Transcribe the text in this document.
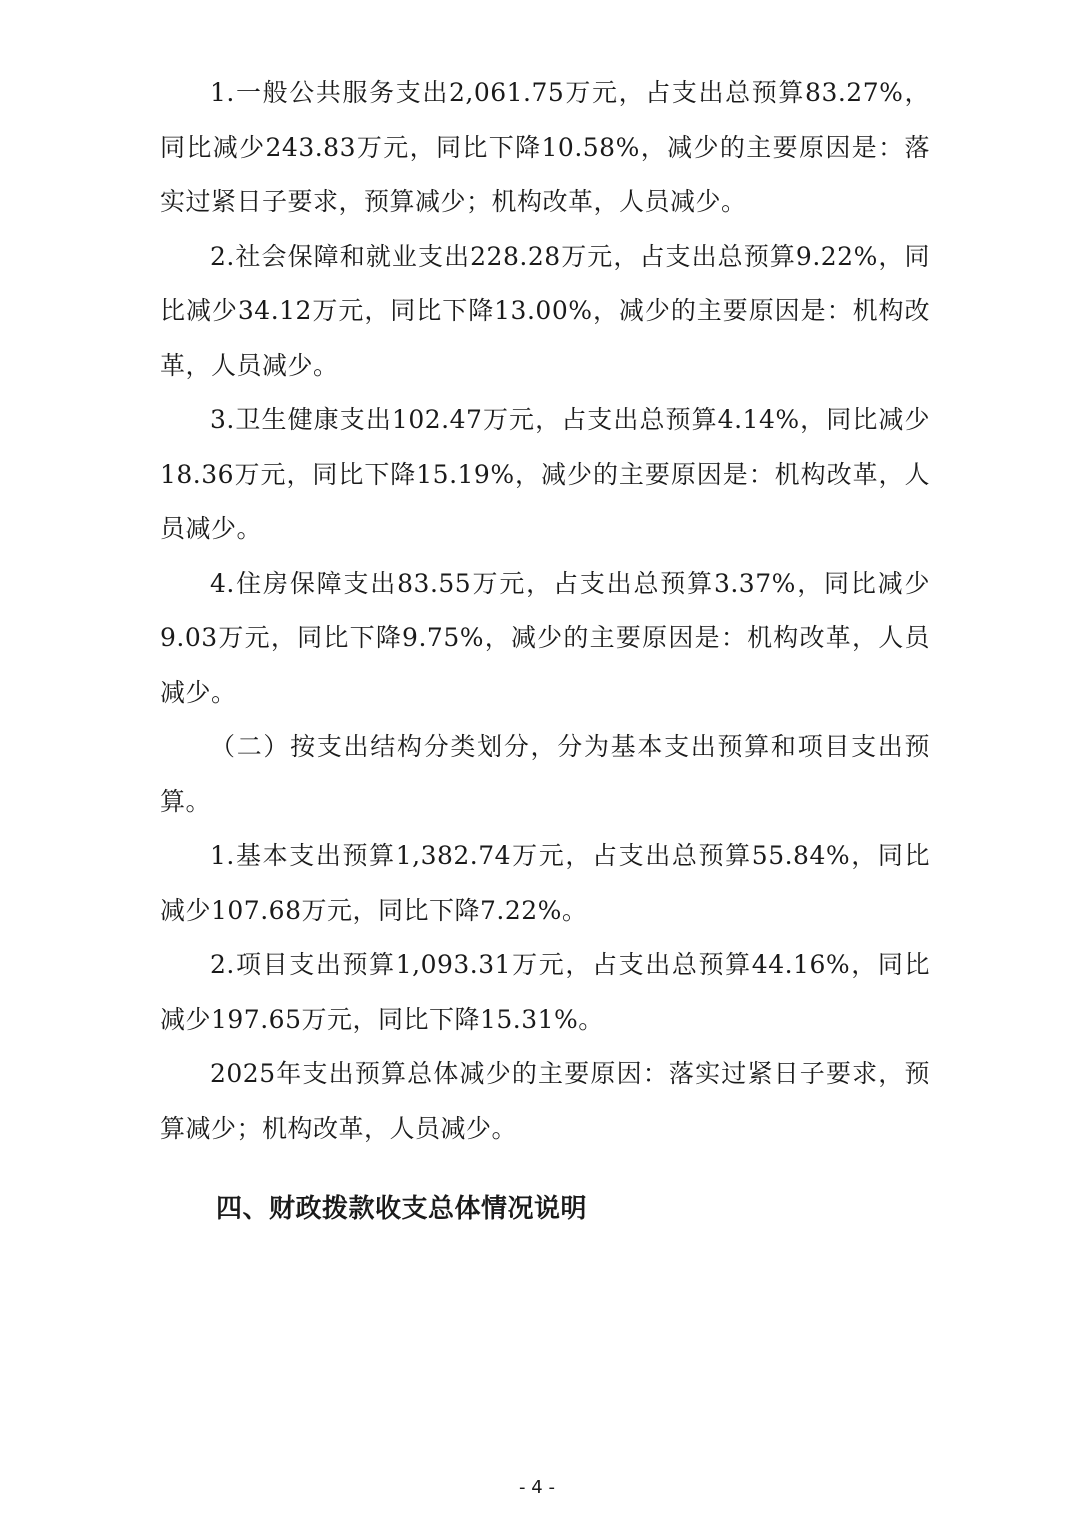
1.一般公共服务支出2,061.75万元，占支出总预算83.27%，同比减少243.83万元，同比下降10.58%，减少的主要原因是：落实过紧日子要求，预算减少；机构改革，人员减少。

2.社会保障和就业支出228.28万元，占支出总预算9.22%，同比减少34.12万元，同比下降13.00%，减少的主要原因是：机构改革，人员减少。

3.卫生健康支出102.47万元，占支出总预算4.14%，同比减少18.36万元，同比下降15.19%，减少的主要原因是：机构改革，人员减少。

4.住房保障支出83.55万元，占支出总预算3.37%，同比减少9.03万元，同比下降9.75%，减少的主要原因是：机构改革，人员减少。

（二）按支出结构分类划分，分为基本支出预算和项目支出预算。

1.基本支出预算1,382.74万元，占支出总预算55.84%，同比减少107.68万元，同比下降7.22%。

2.项目支出预算1,093.31万元，占支出总预算44.16%，同比减少197.65万元，同比下降15.31%。

2025年支出预算总体减少的主要原因：落实过紧日子要求，预算减少；机构改革，人员减少。

四、财政拨款收支总体情况说明
- 4 -
